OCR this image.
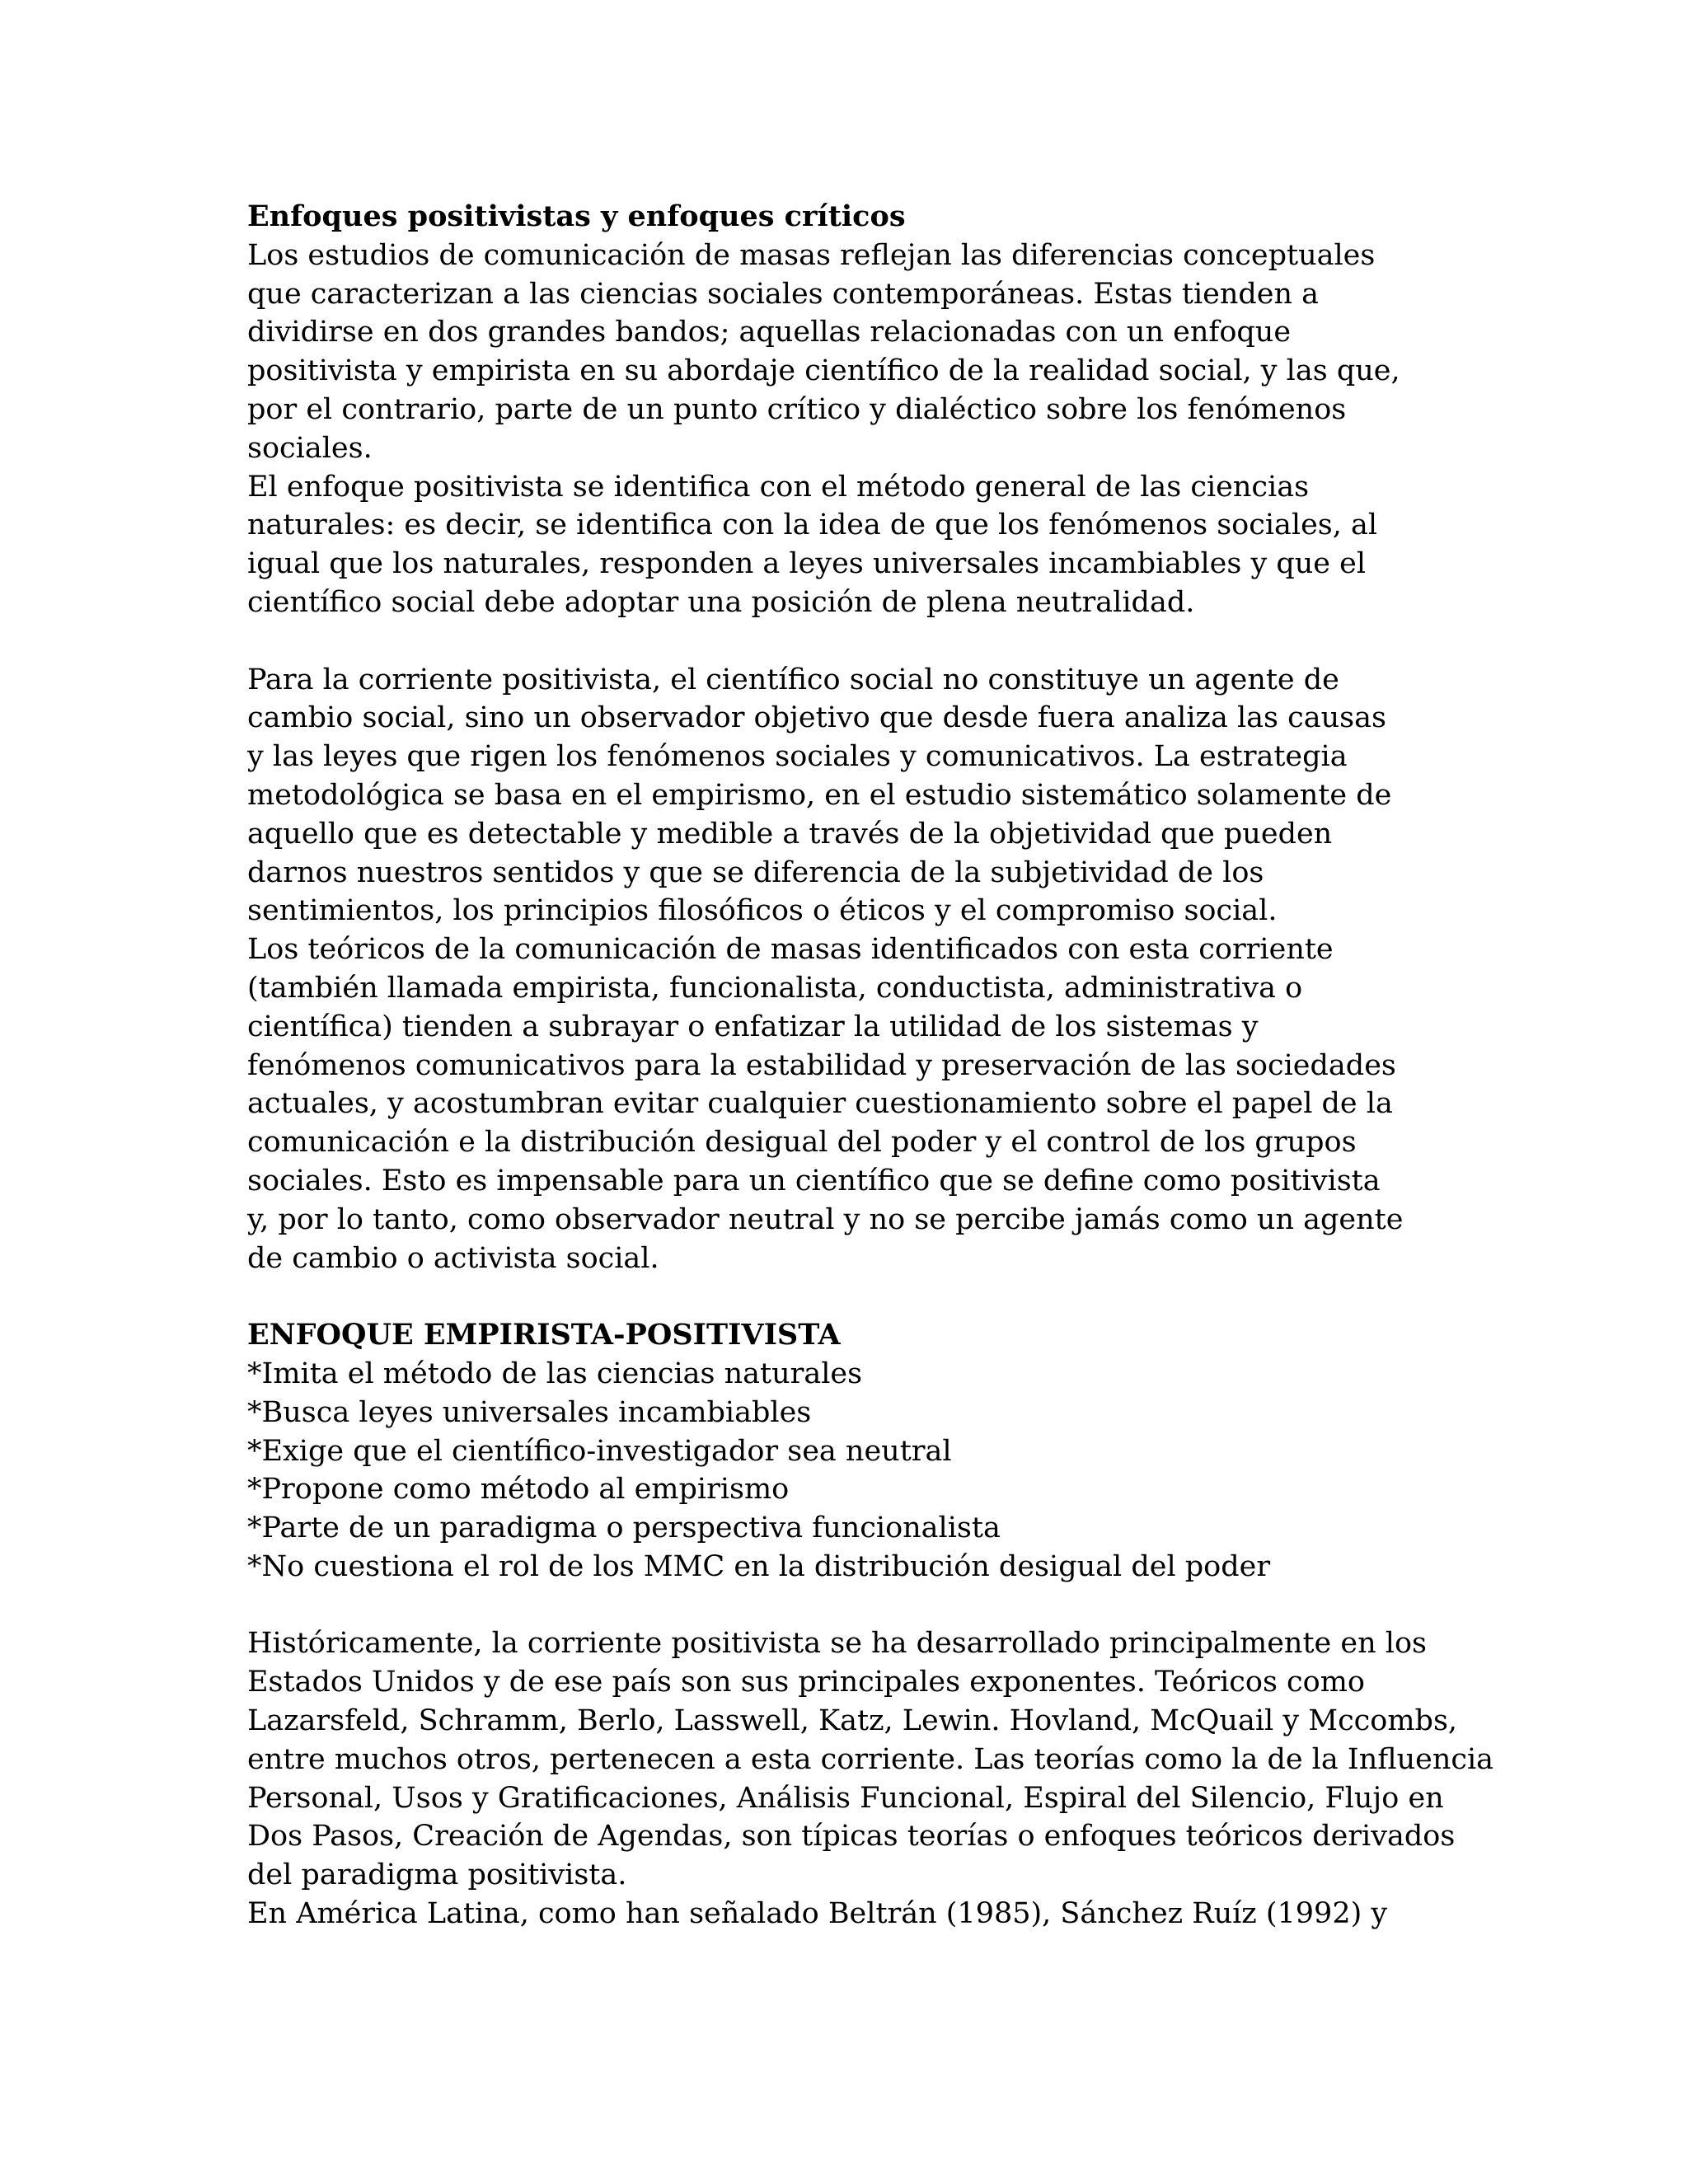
Enfoques positivistas y enfoques críticos
Los estudios de comunicación de masas reflejan las diferencias conceptuales
que caracterizan a las ciencias sociales contemporáneas. Estas tienden a
dividirse en dos grandes bandos; aquellas relacionadas con un enfoque
positivista y empirista en su abordaje científico de la realidad social, y las que,
por el contrario, parte de un punto crítico y dialéctico sobre los fenómenos
sociales.
El enfoque positivista se identifica con el método general de las ciencias
naturales: es decir, se identifica con la idea de que los fenómenos sociales, al
igual que los naturales, responden a leyes universales incambiables y que el
científico social debe adoptar una posición de plena neutralidad.
Para la corriente positivista, el científico social no constituye un agente de
cambio social, sino un observador objetivo que desde fuera analiza las causas
y las leyes que rigen los fenómenos sociales y comunicativos. La estrategia
metodológica se basa en el empirismo, en el estudio sistemático solamente de
aquello que es detectable y medible a través de la objetividad que pueden
darnos nuestros sentidos y que se diferencia de la subjetividad de los
sentimientos, los principios filosóficos o éticos y el compromiso social.
Los teóricos de la comunicación de masas identificados con esta corriente
(también llamada empirista, funcionalista, conductista, administrativa o
científica) tienden a subrayar o enfatizar la utilidad de los sistemas y
fenómenos comunicativos para la estabilidad y preservación de las sociedades
actuales, y acostumbran evitar cualquier cuestionamiento sobre el papel de la
comunicación e la distribución desigual del poder y el control de los grupos
sociales. Esto es impensable para un científico que se define como positivista
y, por lo tanto, como observador neutral y no se percibe jamás como un agente
de cambio o activista social.
ENFOQUE EMPIRISTA-POSITIVISTA
*Imita el método de las ciencias naturales
*Busca leyes universales incambiables
*Exige que el científico-investigador sea neutral
*Propone como método al empirismo
*Parte de un paradigma o perspectiva funcionalista
*No cuestiona el rol de los MMC en la distribución desigual del poder
Históricamente, la corriente positivista se ha desarrollado principalmente en los
Estados Unidos y de ese país son sus principales exponentes. Teóricos como
Lazarsfeld, Schramm, Berlo, Lasswell, Katz, Lewin. Hovland, McQuail y Mccombs,
entre muchos otros, pertenecen a esta corriente. Las teorías como la de la Influencia
Personal, Usos y Gratificaciones, Análisis Funcional, Espiral del Silencio, Flujo en
Dos Pasos, Creación de Agendas, son típicas teorías o enfoques teóricos derivados
del paradigma positivista.
En América Latina, como han señalado Beltrán (1985), Sánchez Ruíz (1992) y
